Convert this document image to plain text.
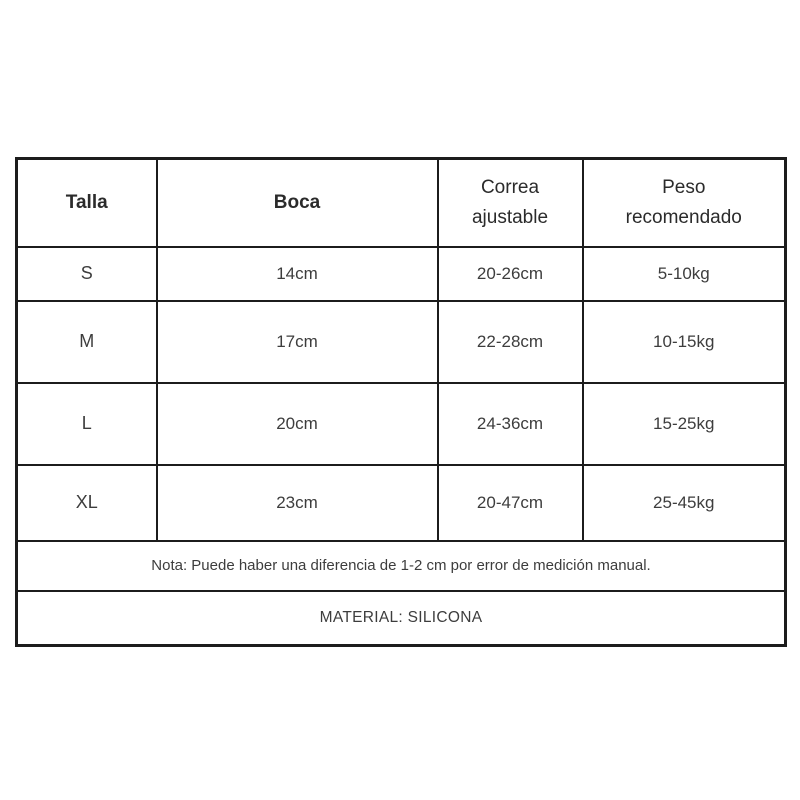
Talla	Boca	Correa ajustable	Peso recomendado
S	14cm	20-26cm	5-10kg
M	17cm	22-28cm	10-15kg
L	20cm	24-36cm	15-25kg
XL	23cm	20-47cm	25-45kg
Nota: Puede haber una diferencia de 1-2 cm por error de medición manual.			
MATERIAL: SILICONA			
